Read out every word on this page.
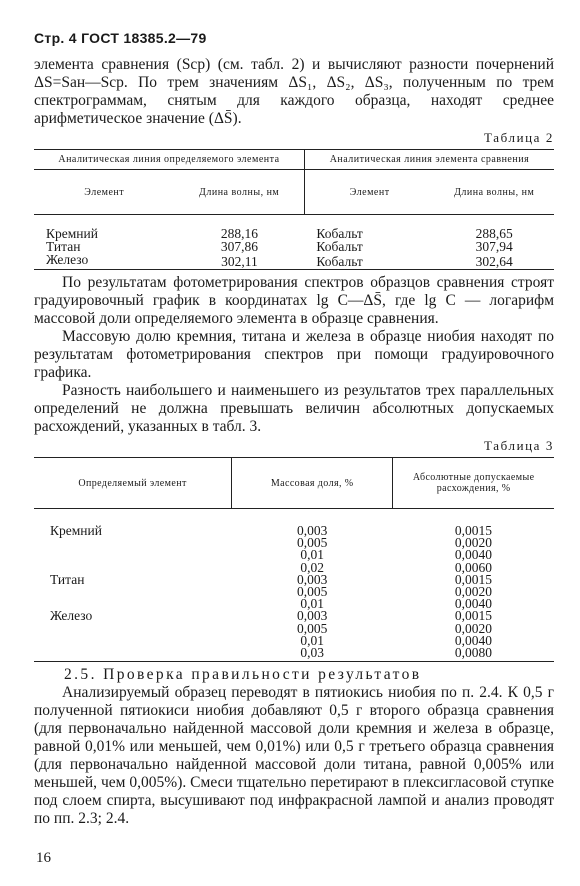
Стр. 4 ГОСТ 18385.2—79
элемента сравнения (Sср) (см. табл. 2) и вычисляют разности почернений ΔS=Sан—Sср. По трем значениям ΔS₁, ΔS₂, ΔS₃, полученным по трем спектрограммам, снятым для каждого образца, находят среднее арифметическое значение (ΔS̄).
Таблица 2
Аналитическая линия определяемого элемента		Аналитическая линия элемента сравнения	
Элемент	Длина волны, нм	Элемент	Длина волны, нм

Кремний	288,16	Кобальт	288,65
Титан	307,86	Кобальт	307,94
Железо	302,11	Кобальт	302,64
По результатам фотометрирования спектров образцов сравнения строят градуировочный график в координатах lg C—ΔS̄, где lg C — логарифм массовой доли определяемого элемента в образце сравнения.
Массовую долю кремния, титана и железа в образце ниобия находят по результатам фотометрирования спектров при помощи градуировочного графика.
Разность наибольшего и наименьшего из результатов трех параллельных определений не должна превышать величин абсолютных допускаемых расхождений, указанных в табл. 3.
Таблица 3
Определяемый элемент	Массовая доля, %	Абсолютные допускаемые расхождения, %

Кремний	0,003	0,0015
	0,005	0,0020
	0,01	0,0040
	0,02	0,0060
Титан	0,003	0,0015
	0,005	0,0020
	0,01	0,0040
Железо	0,003	0,0015
	0,005	0,0020
	0,01	0,0040
	0,03	0,0080
2.5. Проверка правильности результатов
Анализируемый образец переводят в пятиокись ниобия по п. 2.4. К 0,5 г полученной пятиокиси ниобия добавляют 0,5 г второго образца сравнения (для первоначально найденной массовой доли кремния и железа в образце, равной 0,01% или меньшей, чем 0,01%) или 0,5 г третьего образца сравнения (для первоначально найденной массовой доли титана, равной 0,005% или меньшей, чем 0,005%). Смеси тщательно перетирают в плексигласовой ступке под слоем спирта, высушивают под инфракрасной лампой и анализ проводят по пп. 2.3; 2.4.
16
